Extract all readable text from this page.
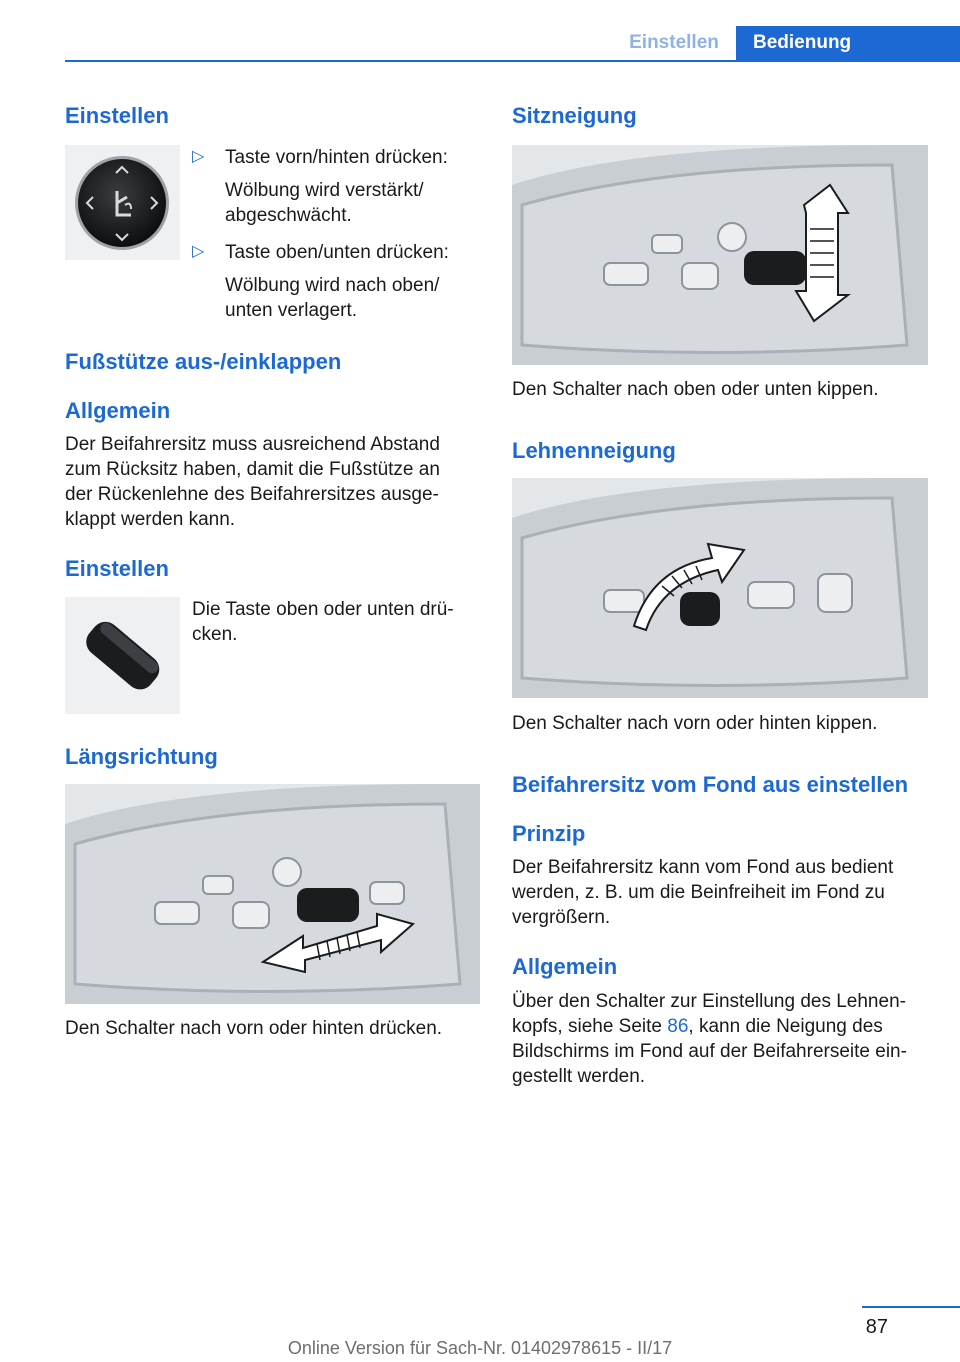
Einstellen	Bedienung
Einstellen
▷ Taste vorn/hinten drücken:
Wölbung wird verstärkt/ abgeschwächt.
▷ Taste oben/unten drücken:
Wölbung wird nach oben/ unten verlagert.
Fußstütze aus-/einklappen
Allgemein
Der Beifahrersitz muss ausreichend Abstand zum Rücksitz haben, damit die Fußstütze an der Rückenlehne des Beifahrersitzes ausge‐klappt werden kann.
Einstellen
Die Taste oben oder unten drü‐cken.
Längsrichtung
Den Schalter nach vorn oder hinten drücken.
Sitzneigung
Den Schalter nach oben oder unten kippen.
Lehnenneigung
Den Schalter nach vorn oder hinten kippen.
Beifahrersitz vom Fond aus einstellen
Prinzip
Der Beifahrersitz kann vom Fond aus bedient werden, z. B. um die Beinfreiheit im Fond zu vergrößern.
Allgemein
Über den Schalter zur Einstellung des Lehnen‐kopfs, siehe Seite 86, kann die Neigung des Bildschirms im Fond auf der Beifahrerseite ein‐gestellt werden.
87
Online Version für Sach-Nr. 01402978615 - II/17
